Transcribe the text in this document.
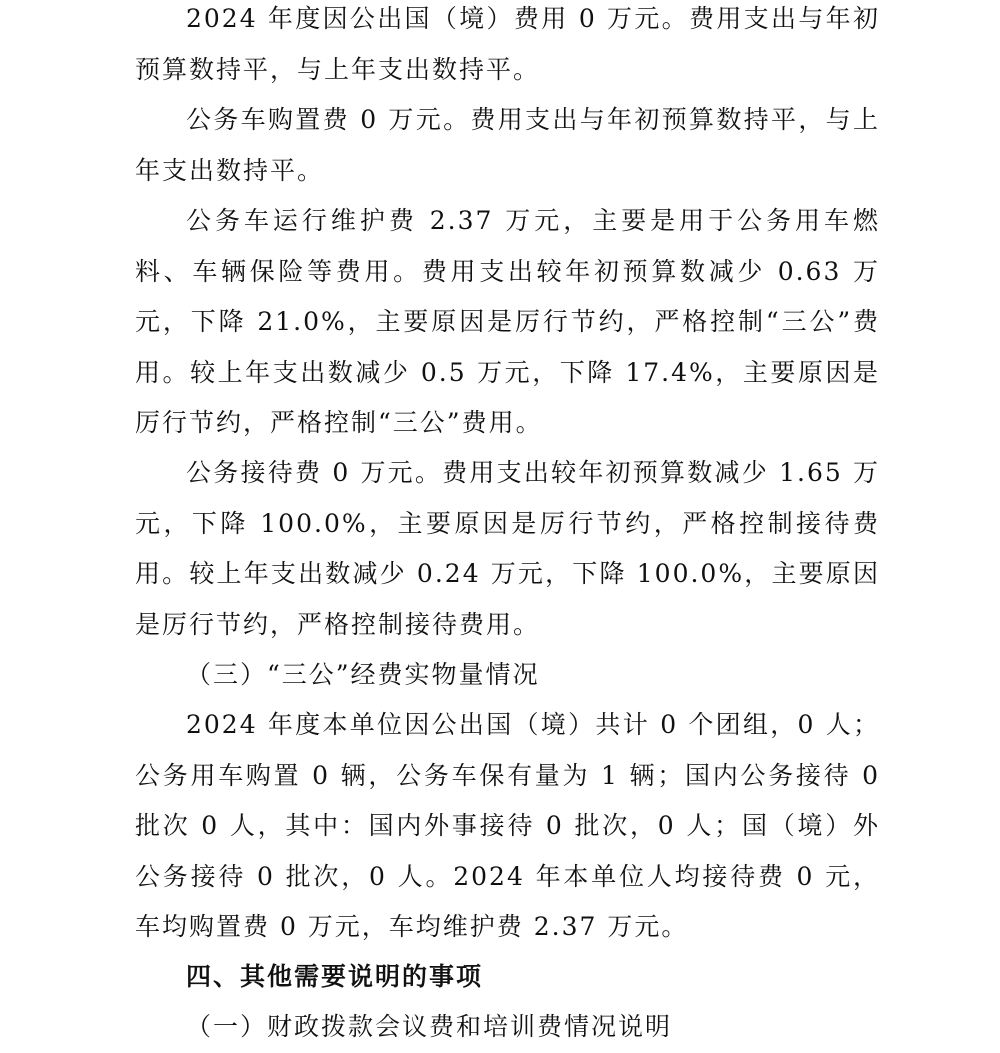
2024 年度因公出国（境）费用 0 万元。费用支出与年初预算数持平，与上年支出数持平。

公务车购置费 0 万元。费用支出与年初预算数持平，与上年支出数持平。

公务车运行维护费 2.37 万元，主要是用于公务用车燃料、车辆保险等费用。费用支出较年初预算数减少 0.63 万元，下降 21.0%，主要原因是厉行节约，严格控制“三公”费用。较上年支出数减少 0.5 万元，下降 17.4%，主要原因是厉行节约，严格控制“三公”费用。

公务接待费 0 万元。费用支出较年初预算数减少 1.65 万元，下降 100.0%，主要原因是厉行节约，严格控制接待费用。较上年支出数减少 0.24 万元，下降 100.0%，主要原因是厉行节约，严格控制接待费用。

（三）“三公”经费实物量情况

2024 年度本单位因公出国（境）共计 0 个团组，0 人；公务用车购置 0 辆，公务车保有量为 1 辆；国内公务接待 0 批次 0 人，其中：国内外事接待 0 批次，0 人；国（境）外公务接待 0 批次，0 人。2024 年本单位人均接待费 0 元，车均购置费 0 万元，车均维护费 2.37 万元。

四、其他需要说明的事项
（一）财政拨款会议费和培训费情况说明
